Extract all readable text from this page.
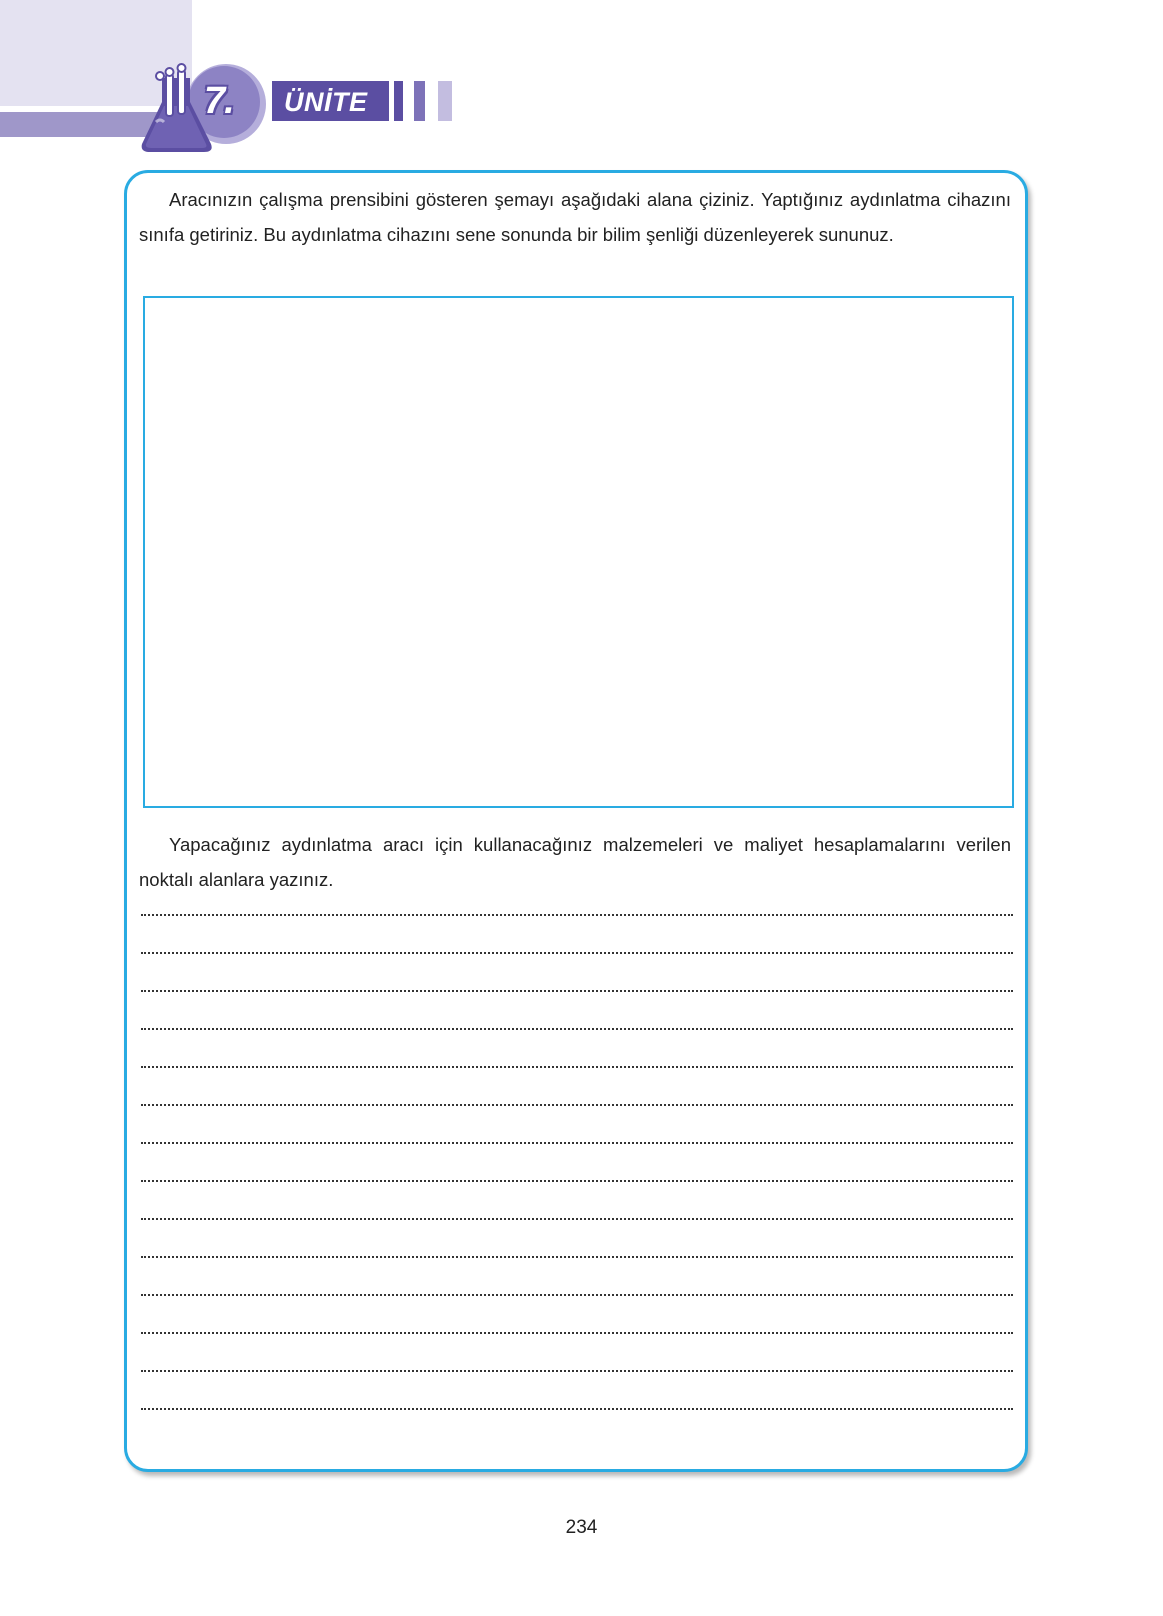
7.	ÜNİTE

Aracınızın çalışma prensibini gösteren şemayı aşağıdaki alana çiziniz. Yaptığınız aydınlatma cihazını sınıfa getiriniz. Bu aydınlatma cihazını sene sonunda bir bilim şenliği düzenleyerek sununuz.

Yapacağınız aydınlatma aracı için kullanacağınız malzemeleri ve maliyet hesaplamalarını verilen noktalı alanlara yazınız.

234
